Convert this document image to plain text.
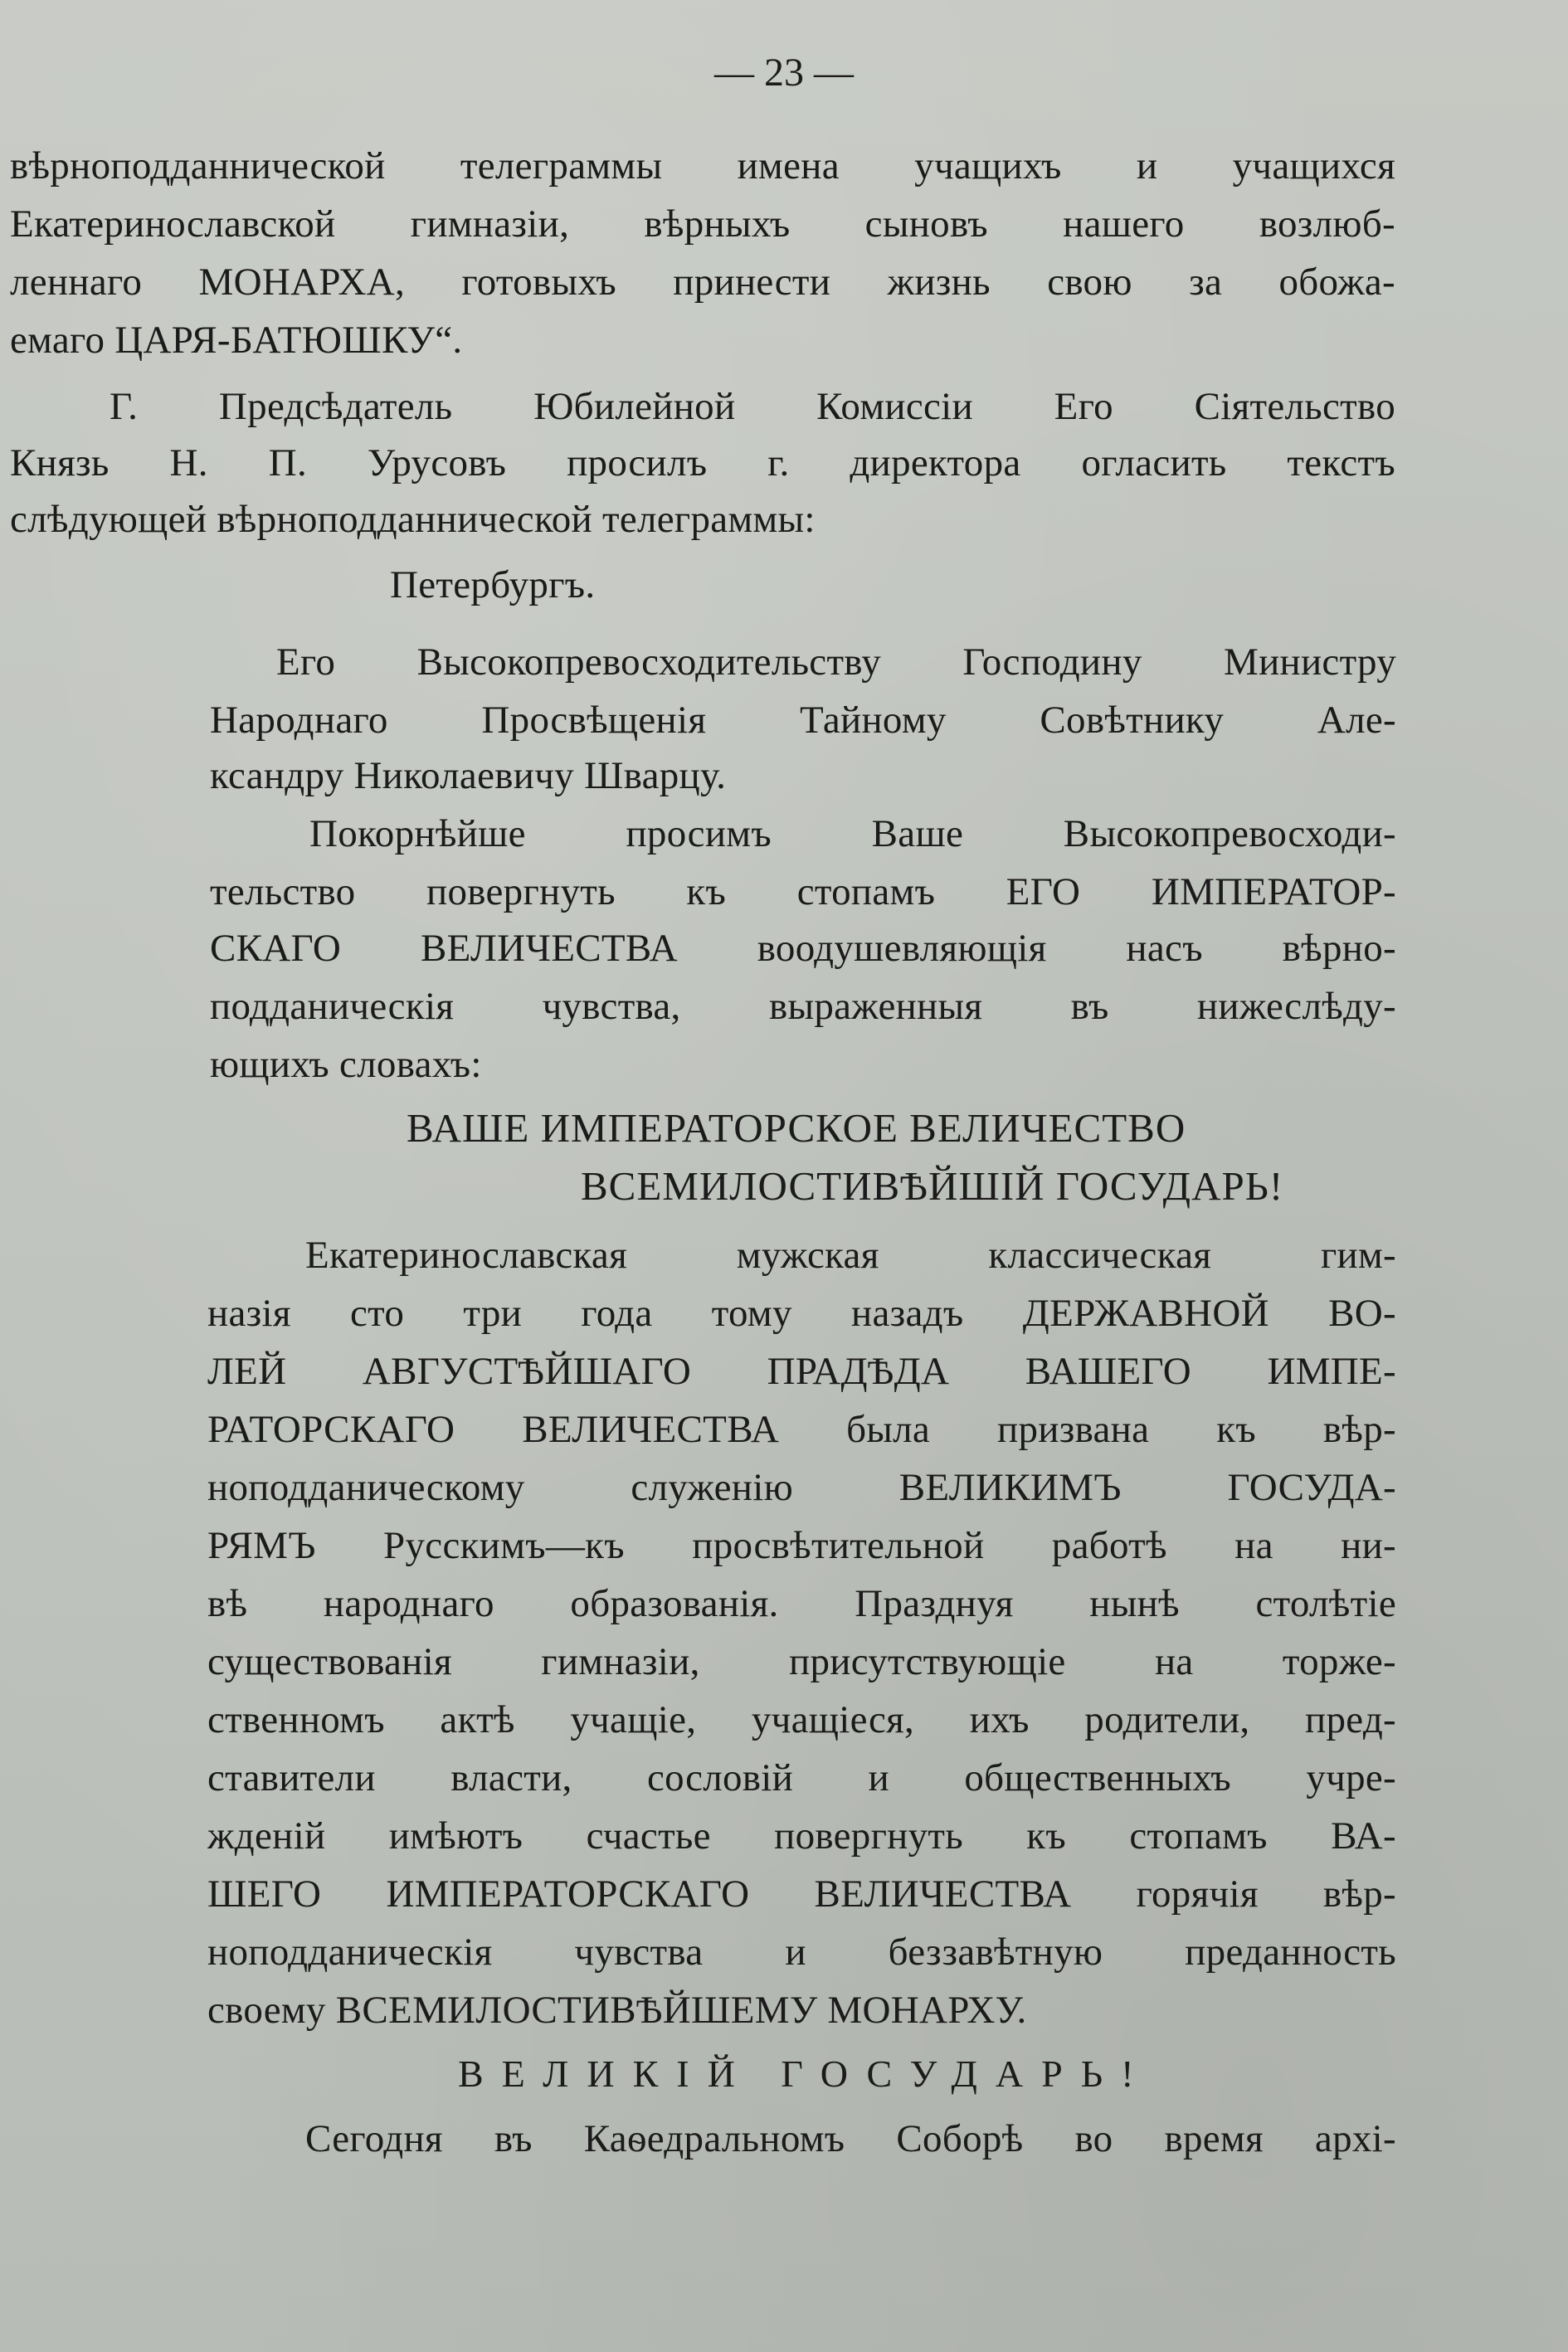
— 23 —
вѣрноподданнической телеграммы имена учащихъ и учащихся
Екатеринославской гимназіи, вѣрныхъ сыновъ нашего возлюб-
леннаго МОНАРХА, готовыхъ принести жизнь свою за обожа-
емаго ЦАРЯ-БАТЮШКУ“.
Г. Предсѣдатель Юбилейной Комиссіи Его Сіятельство
Князь Н. П. Урусовъ просилъ г. директора огласить текстъ
слѣдующей вѣрноподданнической телеграммы:
Петербургъ.
Его Высокопревосходительству Господину Министру
Народнаго Просвѣщенія Тайному Совѣтнику Але-
ксандру Николаевичу Шварцу.
Покорнѣйше просимъ Ваше Высокопревосходи-
тельство повергнуть къ стопамъ ЕГО ИМПЕРАТОР-
СКАГО ВЕЛИЧЕСТВА воодушевляющія насъ вѣрно-
подданическія чувства, выраженныя въ нижеслѣду-
ющихъ словахъ:
ВАШЕ ИМПЕРАТОРСКОЕ ВЕЛИЧЕСТВО
ВСЕМИЛОСТИВѢЙШІЙ ГОСУДАРЬ!
Екатеринославская мужская классическая гим-
назія сто три года тому назадъ ДЕРЖАВНОЙ ВО-
ЛЕЙ АВГУСТѢЙШАГО ПРАДѢДА ВАШЕГО ИМПЕ-
РАТОРСКАГО ВЕЛИЧЕСТВА была призвана къ вѣр-
ноподданическому служенію ВЕЛИКИМЪ ГОСУДА-
РЯМЪ Русскимъ—къ просвѣтительной работѣ на ни-
вѣ народнаго образованія. Празднуя нынѣ столѣтіе
существованія гимназіи, присутствующіе на торже-
ственномъ актѣ учащіе, учащіеся, ихъ родители, пред-
ставители власти, сословій и общественныхъ учре-
жденій имѣютъ счастье повергнуть къ стопамъ ВА-
ШЕГО ИМПЕРАТОРСКАГО ВЕЛИЧЕСТВА горячія вѣр-
ноподданическія чувства и беззавѣтную преданность
своему ВСЕМИЛОСТИВѢЙШЕМУ МОНАРХУ.
ВЕЛИКІЙ ГОСУДАРЬ!
Сегодня въ Каѳедральномъ Соборѣ во время архі-
